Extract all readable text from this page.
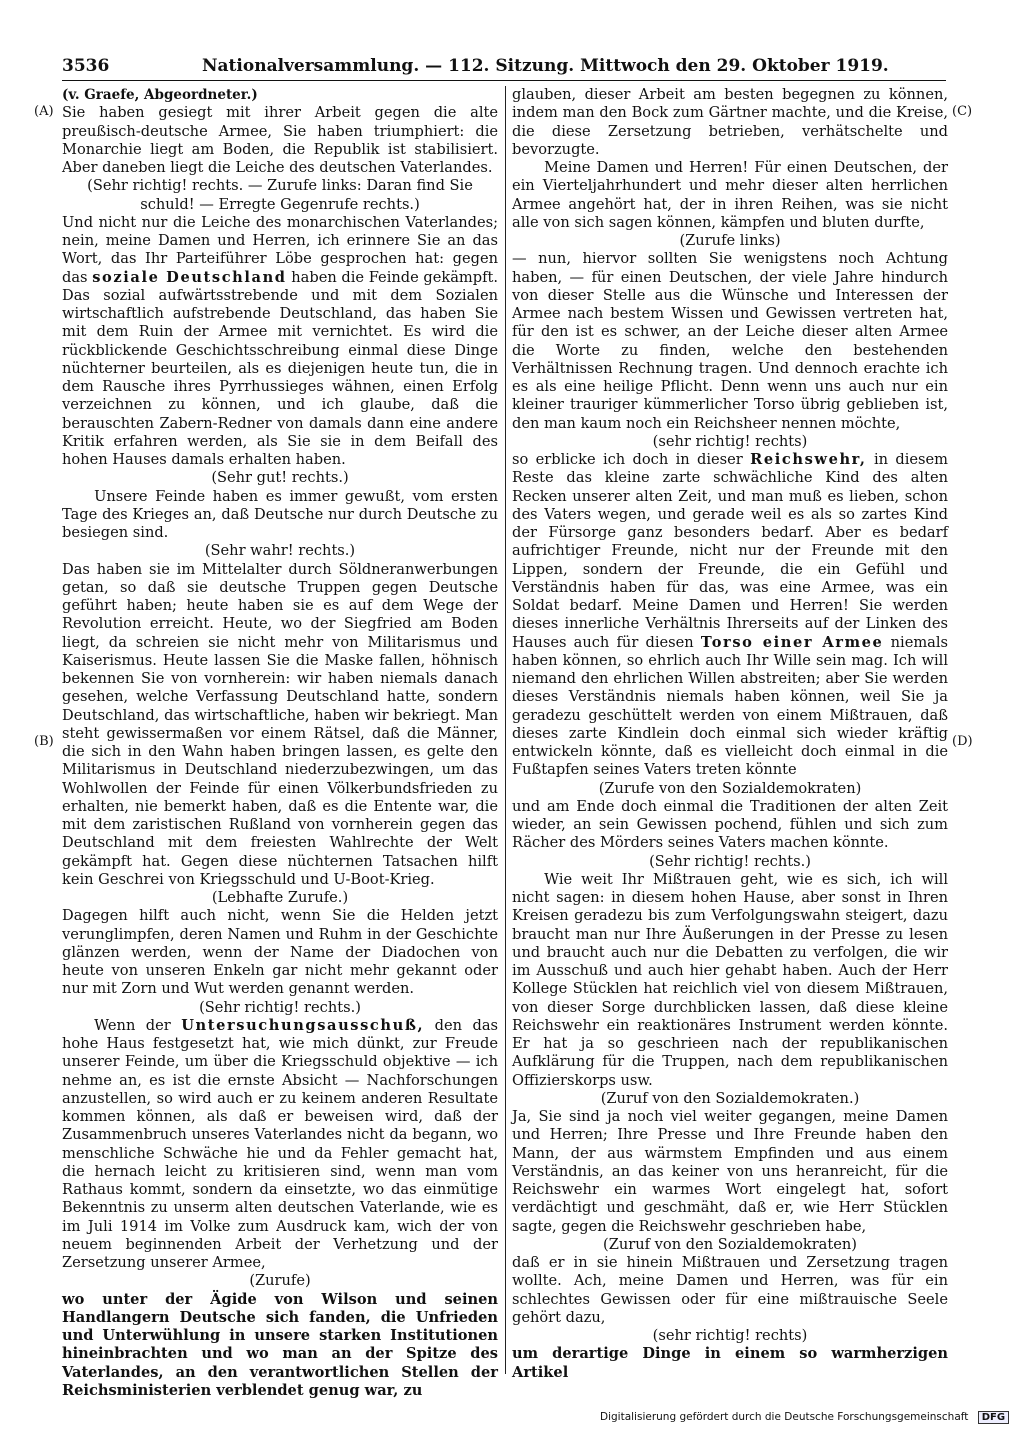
3536	Nationalversammlung. — 112. Sitzung. Mittwoch den 29. Oktober 1919.
(A)
(B)
(C)
(D)

(v. Graefe, Abgeordneter.)

Sie haben gesiegt mit ihrer Arbeit gegen die alte preußisch-deutsche Armee, Sie haben triumphiert: die Monarchie liegt am Boden, die Republik ist stabilisiert. Aber daneben liegt die Leiche des deutschen Vaterlandes.

(Sehr richtig! rechts. — Zurufe links: Daran find Sie schuld! — Erregte Gegenrufe rechts.)

Und nicht nur die Leiche des monarchischen Vaterlandes; nein, meine Damen und Herren, ich erinnere Sie an das Wort, das Ihr Parteiführer Löbe gesprochen hat: gegen das soziale Deutschland haben die Feinde gekämpft. Das sozial aufwärtsstrebende und mit dem Sozialen wirtschaftlich aufstrebende Deutschland, das haben Sie mit dem Ruin der Armee mit vernichtet. Es wird die rückblickende Geschichtsschreibung einmal diese Dinge nüchterner beurteilen, als es diejenigen heute tun, die in dem Rausche ihres Pyrrhussieges wähnen, einen Erfolg verzeichnen zu können, und ich glaube, daß die berauschten Zabern-Redner von damals dann eine andere Kritik erfahren werden, als Sie sie in dem Beifall des hohen Hauses damals erhalten haben.

(Sehr gut! rechts.)

Unsere Feinde haben es immer gewußt, vom ersten Tage des Krieges an, daß Deutsche nur durch Deutsche zu besiegen sind.

(Sehr wahr! rechts.)

Das haben sie im Mittelalter durch Söldneranwerbungen getan, so daß sie deutsche Truppen gegen Deutsche geführt haben; heute haben sie es auf dem Wege der Revolution erreicht. Heute, wo der Siegfried am Boden liegt, da schreien sie nicht mehr von Militarismus und Kaiserismus. Heute lassen Sie die Maske fallen, höhnisch bekennen Sie von vornherein: wir haben niemals danach gesehen, welche Verfassung Deutschland hatte, sondern Deutschland, das wirtschaftliche, haben wir bekriegt. Man steht gewissermaßen vor einem Rätsel, daß die Männer, die sich in den Wahn haben bringen lassen, es gelte den Militarismus in Deutschland niederzubezwingen, um das Wohlwollen der Feinde für einen Völkerbundsfrieden zu erhalten, nie bemerkt haben, daß es die Entente war, die mit dem zaristischen Rußland von vornherein gegen das Deutschland mit dem freiesten Wahlrechte der Welt gekämpft hat. Gegen diese nüchternen Tatsachen hilft kein Geschrei von Kriegsschuld und U-Boot-Krieg.

(Lebhafte Zurufe.)

Dagegen hilft auch nicht, wenn Sie die Helden jetzt verunglimpfen, deren Namen und Ruhm in der Geschichte glänzen werden, wenn der Name der Diadochen von heute von unseren Enkeln gar nicht mehr gekannt oder nur mit Zorn und Wut werden genannt werden.

(Sehr richtig! rechts.)

Wenn der Untersuchungsausschuß, den das hohe Haus festgesetzt hat, wie mich dünkt, zur Freude unserer Feinde, um über die Kriegsschuld objektive — ich nehme an, es ist die ernste Absicht — Nachforschungen anzustellen, so wird auch er zu keinem anderen Resultate kommen können, als daß er beweisen wird, daß der Zusammenbruch unseres Vaterlandes nicht da begann, wo menschliche Schwäche hie und da Fehler gemacht hat, die hernach leicht zu kritisieren sind, wenn man vom Rathaus kommt, sondern da einsetzte, wo das einmütige Bekenntnis zu unserm alten deutschen Vaterlande, wie es im Juli 1914 im Volke zum Ausdruck kam, wich der von neuem beginnenden Arbeit der Verhetzung und der Zersetzung unserer Armee,

(Zurufe)

wo unter der Ägide von Wilson und seinen Handlangern Deutsche sich fanden, die Unfrieden und Unterwühlung in unsere starken Institutionen hineinbrachten und wo man an der Spitze des Vaterlandes, an den verantwortlichen Stellen der Reichsministerien verblendet genug war, zu

glauben, dieser Arbeit am besten begegnen zu können, indem man den Bock zum Gärtner machte, und die Kreise, die diese Zersetzung betrieben, verhätschelte und bevorzugte.

Meine Damen und Herren! Für einen Deutschen, der ein Vierteljahrhundert und mehr dieser alten herrlichen Armee angehört hat, der in ihren Reihen, was sie nicht alle von sich sagen können, kämpfen und bluten durfte,

(Zurufe links)

— nun, hiervor sollten Sie wenigstens noch Achtung haben, — für einen Deutschen, der viele Jahre hindurch von dieser Stelle aus die Wünsche und Interessen der Armee nach bestem Wissen und Gewissen vertreten hat, für den ist es schwer, an der Leiche dieser alten Armee die Worte zu finden, welche den bestehenden Verhältnissen Rechnung tragen. Und dennoch erachte ich es als eine heilige Pflicht. Denn wenn uns auch nur ein kleiner trauriger kümmerlicher Torso übrig geblieben ist, den man kaum noch ein Reichsheer nennen möchte,

(sehr richtig! rechts)

so erblicke ich doch in dieser Reichswehr, in diesem Reste das kleine zarte schwächliche Kind des alten Recken unserer alten Zeit, und man muß es lieben, schon des Vaters wegen, und gerade weil es als so zartes Kind der Fürsorge ganz besonders bedarf. Aber es bedarf aufrichtiger Freunde, nicht nur der Freunde mit den Lippen, sondern der Freunde, die ein Gefühl und Verständnis haben für das, was eine Armee, was ein Soldat bedarf. Meine Damen und Herren! Sie werden dieses innerliche Verhältnis Ihrerseits auf der Linken des Hauses auch für diesen Torso einer Armee niemals haben können, so ehrlich auch Ihr Wille sein mag. Ich will niemand den ehrlichen Willen abstreiten; aber Sie werden dieses Verständnis niemals haben können, weil Sie ja geradezu geschüttelt werden von einem Mißtrauen, daß dieses zarte Kindlein doch einmal sich wieder kräftig entwickeln könnte, daß es vielleicht doch einmal in die Fußtapfen seines Vaters treten könnte

(Zurufe von den Sozialdemokraten)

und am Ende doch einmal die Traditionen der alten Zeit wieder, an sein Gewissen pochend, fühlen und sich zum Rächer des Mörders seines Vaters machen könnte.

(Sehr richtig! rechts.)

Wie weit Ihr Mißtrauen geht, wie es sich, ich will nicht sagen: in diesem hohen Hause, aber sonst in Ihren Kreisen geradezu bis zum Verfolgungswahn steigert, dazu braucht man nur Ihre Äußerungen in der Presse zu lesen und braucht auch nur die Debatten zu verfolgen, die wir im Ausschuß und auch hier gehabt haben. Auch der Herr Kollege Stücklen hat reichlich viel von diesem Mißtrauen, von dieser Sorge durchblicken lassen, daß diese kleine Reichswehr ein reaktionäres Instrument werden könnte. Er hat ja so geschrieen nach der republikanischen Aufklärung für die Truppen, nach dem republikanischen Offizierskorps usw.

(Zuruf von den Sozialdemokraten.)

Ja, Sie sind ja noch viel weiter gegangen, meine Damen und Herren; Ihre Presse und Ihre Freunde haben den Mann, der aus wärmstem Empfinden und aus einem Verständnis, an das keiner von uns heranreicht, für die Reichswehr ein warmes Wort eingelegt hat, sofort verdächtigt und geschmäht, daß er, wie Herr Stücklen sagte, gegen die Reichswehr geschrieben habe,

(Zuruf von den Sozialdemokraten)

daß er in sie hinein Mißtrauen und Zersetzung tragen wollte. Ach, meine Damen und Herren, was für ein schlechtes Gewissen oder für eine mißtrauische Seele gehört dazu,

(sehr richtig! rechts)

um derartige Dinge in einem so warmherzigen Artikel

Digitalisierung gefördert durch die Deutsche Forschungsgemeinschaft DFG
